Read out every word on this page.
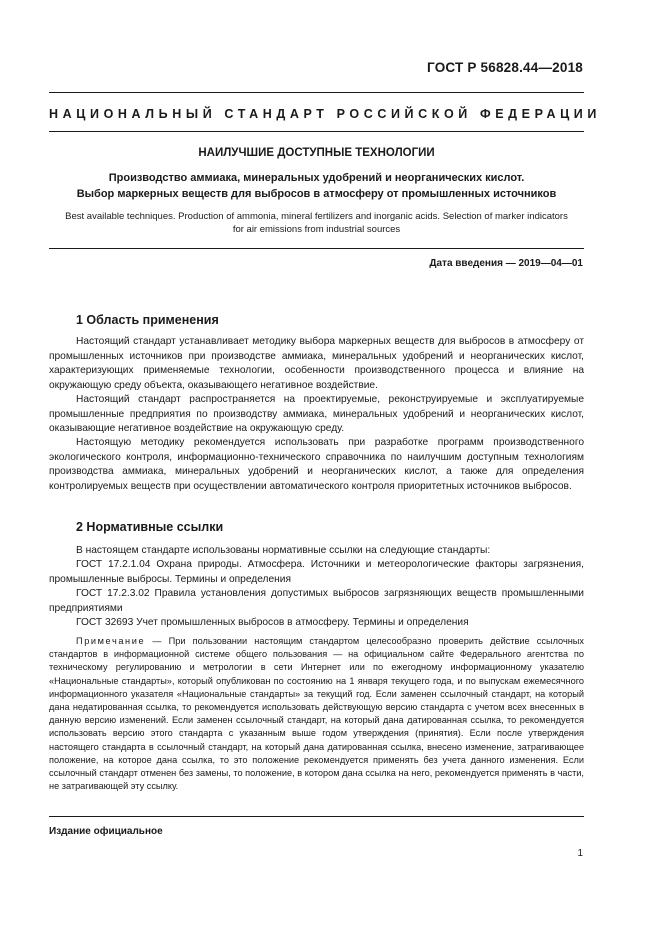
ГОСТ Р 56828.44—2018
НАЦИОНАЛЬНЫЙ СТАНДАРТ РОССИЙСКОЙ ФЕДЕРАЦИИ
НАИЛУЧШИЕ ДОСТУПНЫЕ ТЕХНОЛОГИИ
Производство аммиака, минеральных удобрений и неорганических кислот.
Выбор маркерных веществ для выбросов в атмосферу от промышленных источников
Best available techniques. Production of ammonia, mineral fertilizers and inorganic acids. Selection of marker indicators
for air emissions from industrial sources
Дата введения — 2019—04—01
1 Область применения
Настоящий стандарт устанавливает методику выбора маркерных веществ для выбросов в атмосферу от промышленных источников при производстве аммиака, минеральных удобрений и неорганических кислот, характеризующих применяемые технологии, особенности производственного процесса и влияние на окружающую среду объекта, оказывающего негативное воздействие.
Настоящий стандарт распространяется на проектируемые, реконструируемые и эксплуатируемые промышленные предприятия по производству аммиака, минеральных удобрений и неорганических кислот, оказывающие негативное воздействие на окружающую среду.
Настоящую методику рекомендуется использовать при разработке программ производственного экологического контроля, информационно-технического справочника по наилучшим доступным технологиям производства аммиака, минеральных удобрений и неорганических кислот, а также для определения контролируемых веществ при осуществлении автоматического контроля приоритетных источников выбросов.
2 Нормативные ссылки
В настоящем стандарте использованы нормативные ссылки на следующие стандарты:
ГОСТ 17.2.1.04 Охрана природы. Атмосфера. Источники и метеорологические факторы загрязнения, промышленные выбросы. Термины и определения
ГОСТ 17.2.3.02 Правила установления допустимых выбросов загрязняющих веществ промышленными предприятиями
ГОСТ 32693 Учет промышленных выбросов в атмосферу. Термины и определения
Примечание — При пользовании настоящим стандартом целесообразно проверить действие ссылочных стандартов в информационной системе общего пользования — на официальном сайте Федерального агентства по техническому регулированию и метрологии в сети Интернет или по ежегодному информационному указателю «Национальные стандарты», который опубликован по состоянию на 1 января текущего года, и по выпускам ежемесячного информационного указателя «Национальные стандарты» за текущий год. Если заменен ссылочный стандарт, на который дана недатированная ссылка, то рекомендуется использовать действующую версию стандарта с учетом всех внесенных в данную версию изменений. Если заменен ссылочный стандарт, на который дана датированная ссылка, то рекомендуется использовать версию этого стандарта с указанным выше годом утверждения (принятия). Если после утверждения настоящего стандарта в ссылочный стандарт, на который дана датированная ссылка, внесено изменение, затрагивающее положение, на которое дана ссылка, то это положение рекомендуется применять без учета данного изменения. Если ссылочный стандарт отменен без замены, то положение, в котором дана ссылка на него, рекомендуется применять в части, не затрагивающей эту ссылку.
Издание официальное
1
